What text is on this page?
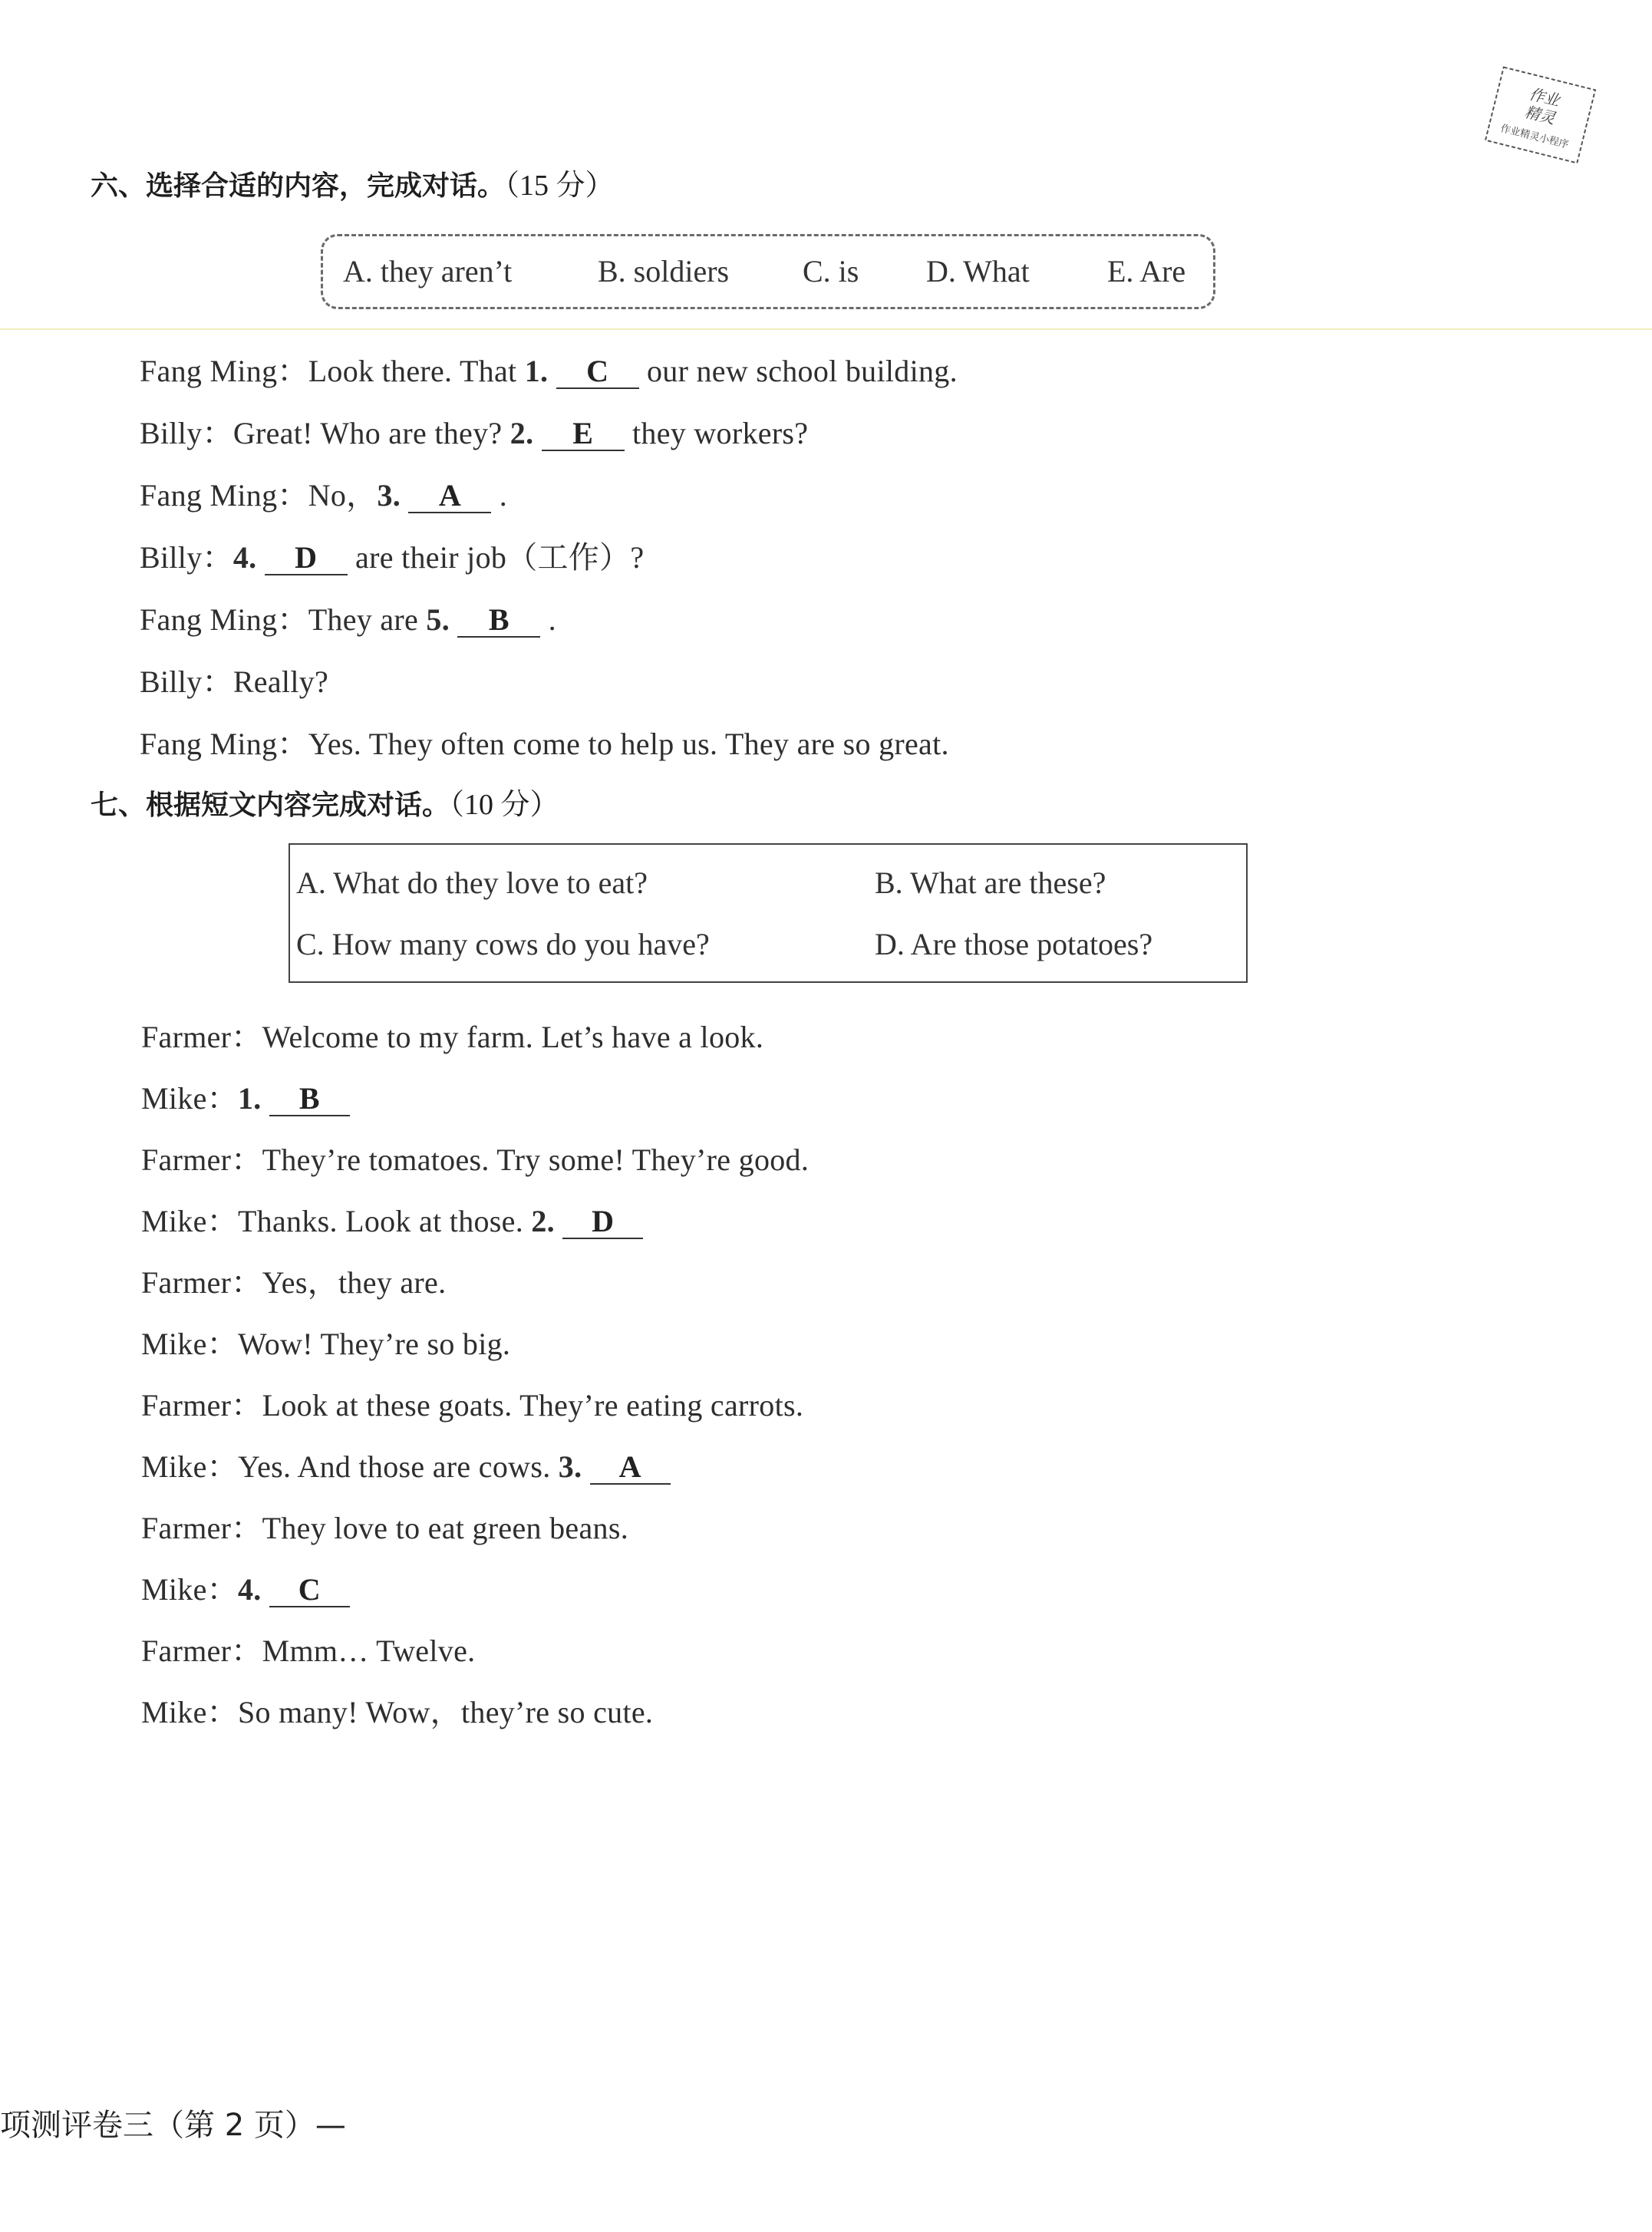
作业
精灵
作业精灵小程序
六、选择合适的内容，完成对话。（15 分）
A. they aren’t	B. soldiers C. is D. What	E. Are
Fang Ming：Look there. That 1. C our new school building.
Billy：Great! Who are they? 2. E they workers?
Fang Ming：No，3. A .
Billy：4. D are their job（工作）?
Fang Ming：They are 5. B .
Billy：Really?
Fang Ming：Yes. They often come to help us. They are so great.
七、根据短文内容完成对话。（10 分）
A. What do they love to eat?	B. What are these?
C. How many cows do you have?	D. Are those potatoes?
Farmer：Welcome to my farm. Let’s have a look.
Mike：1. B
Farmer：They’re tomatoes. Try some! They’re good.
Mike：Thanks. Look at those. 2. D
Farmer：Yes，they are.
Mike：Wow! They’re so big.
Farmer：Look at these goats. They’re eating carrots.
Mike：Yes. And those are cows. 3. A
Farmer：They love to eat green beans.
Mike：4. C
Farmer：Mmm… Twelve.
Mike：So many! Wow，they’re so cute.
项测评卷三（第 2 页）—
